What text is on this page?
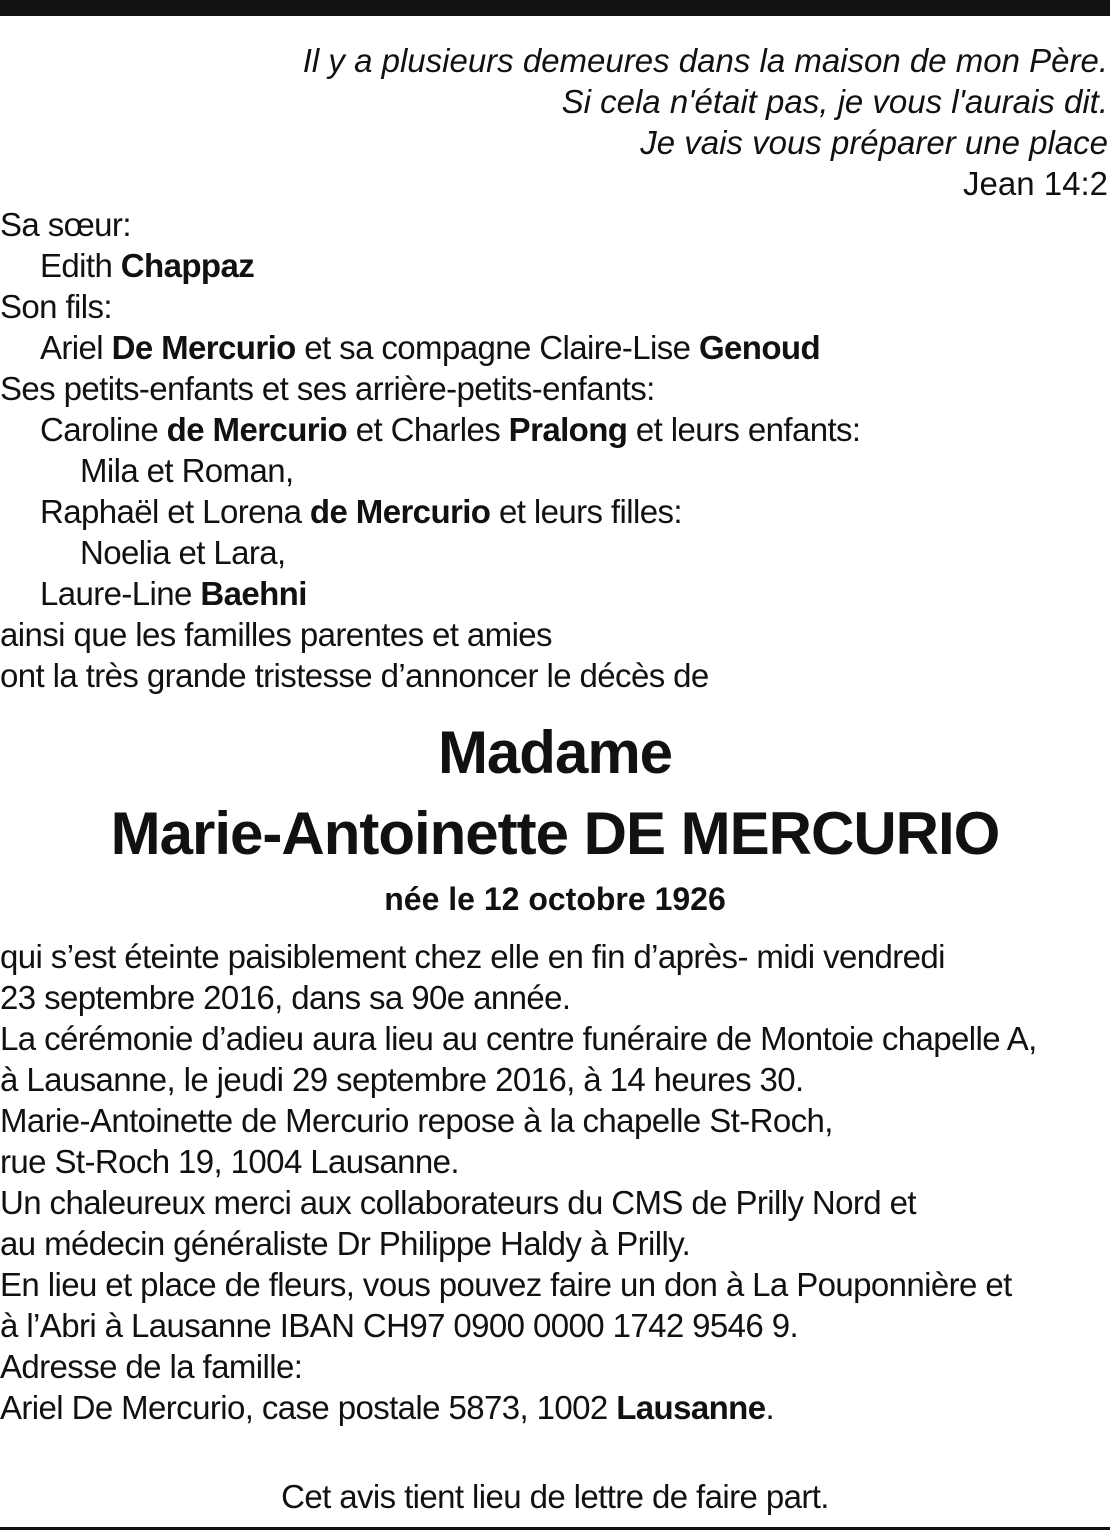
Il y a plusieurs demeures dans la maison de mon Père.
Si cela n'était pas, je vous l'aurais dit.
Je vais vous préparer une place
Jean 14:2
Sa sœur:
Edith Chappaz
Son fils:
Ariel De Mercurio et sa compagne Claire-Lise Genoud
Ses petits-enfants et ses arrière-petits-enfants:
Caroline de Mercurio et Charles Pralong et leurs enfants:
Mila et Roman,
Raphaël et Lorena de Mercurio et leurs filles:
Noelia et Lara,
Laure-Line Baehni
ainsi que les familles parentes et amies
ont la très grande tristesse d’annoncer le décès de
Madame
Marie-Antoinette DE MERCURIO
née le 12 octobre 1926
qui s’est éteinte paisiblement chez elle en fin d’après- midi vendredi
23 septembre 2016, dans sa 90e année.
La cérémonie d’adieu aura lieu au centre funéraire de Montoie chapelle A,
à Lausanne, le jeudi 29 septembre 2016, à 14 heures 30.
Marie-Antoinette de Mercurio repose à la chapelle St-Roch,
rue St-Roch 19, 1004 Lausanne.
Un chaleureux merci aux collaborateurs du CMS de Prilly Nord et
au médecin généraliste Dr Philippe Haldy à Prilly.
En lieu et place de fleurs, vous pouvez faire un don à La Pouponnière et
à l’Abri à Lausanne IBAN CH97 0900 0000 1742 9546 9.
Adresse de la famille:
Ariel De Mercurio, case postale 5873, 1002 Lausanne.
Cet avis tient lieu de lettre de faire part.
